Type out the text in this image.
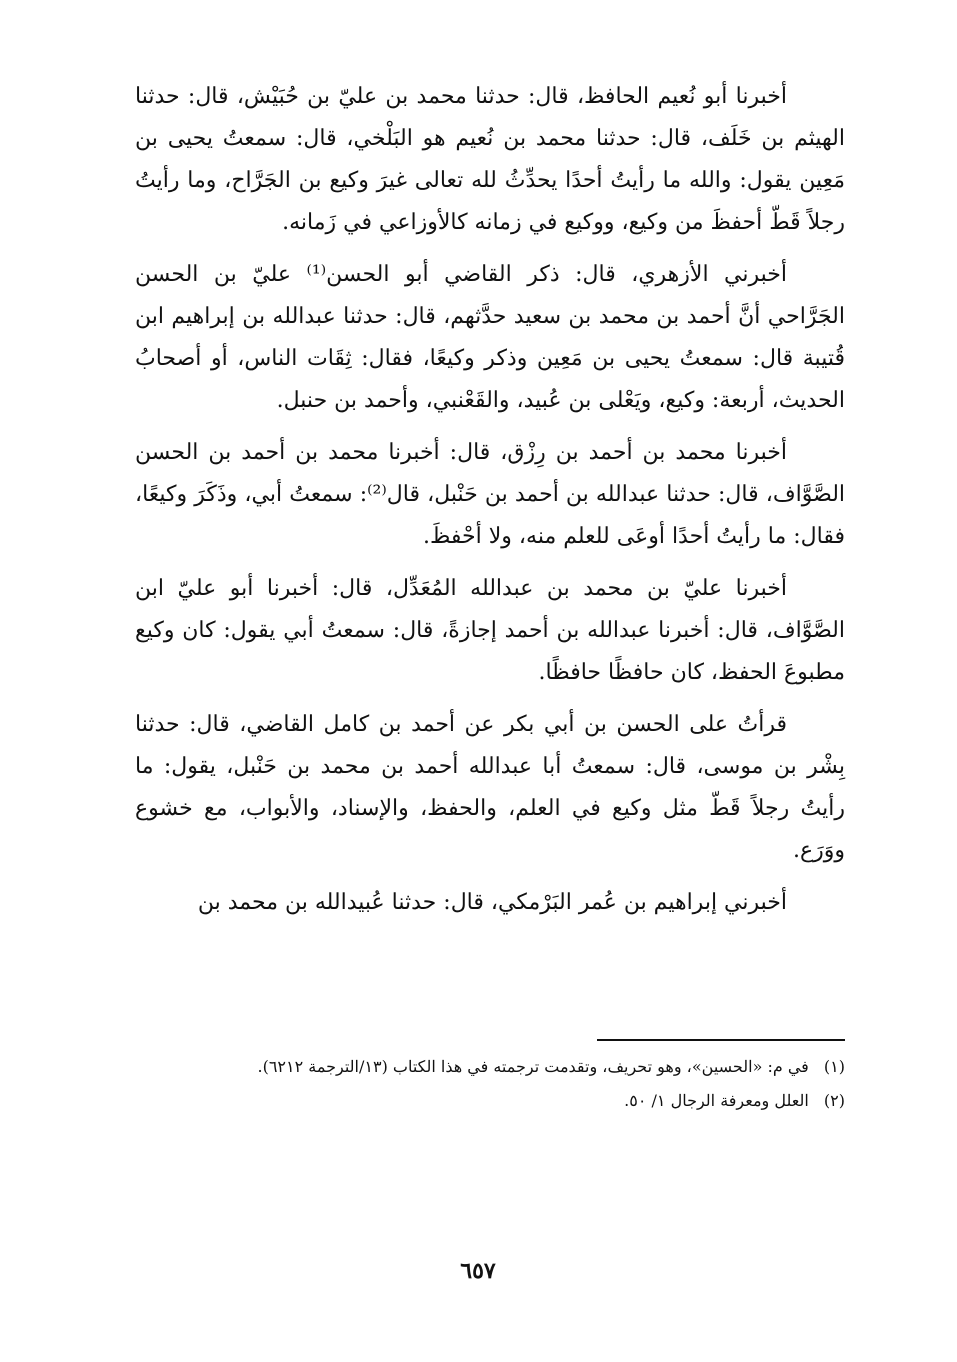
أخبرنا أبو نُعيم الحافظ، قال: حدثنا محمد بن عليّ بن حُبَيْش، قال: حدثنا الهيثم بن خَلَف، قال: حدثنا محمد بن نُعيم هو البَلْخي، قال: سمعتُ يحيى بن مَعِين يقول: والله ما رأيتُ أحدًا يحدِّثُ لله تعالى غيرَ وكيع بن الجَرَّاح، وما رأيتُ رجلاً قَطّ أحفظَ من وكيع، ووكيع في زمانه كالأوزاعي في زَمانه.

أخبرني الأزهري، قال: ذكر القاضي أبو الحسن⁽¹⁾ عليّ بن الحسن الجَرَّاحي أنَّ أحمد بن محمد بن سعيد حدَّثهم، قال: حدثنا عبدالله بن إبراهيم ابن قُتيبة قال: سمعتُ يحيى بن مَعِين وذكر وكيعًا، فقال: ثِقَات الناس، أو أصحابُ الحديث، أربعة: وكيع، ويَعْلى بن عُبيد، والقَعْنبي، وأحمد بن حنبل.

أخبرنا محمد بن أحمد بن رِزْق، قال: أخبرنا محمد بن أحمد بن الحسن الصَّوَّاف، قال: حدثنا عبدالله بن أحمد بن حَنْبل، قال⁽²⁾: سمعتُ أبي، وذَكَرَ وكيعًا، فقال: ما رأيتُ أحدًا أوعَى للعلم منه، ولا أحْفظَ.

أخبرنا عليّ بن محمد بن عبدالله المُعَدِّل، قال: أخبرنا أبو عليّ ابن الصَّوَّاف، قال: أخبرنا عبدالله بن أحمد إجازةً، قال: سمعتُ أبي يقول: كان وكيع مطبوعَ الحفظ، كان حافظًا حافظًا.

قرأتُ على الحسن بن أبي بكر عن أحمد بن كامل القاضي، قال: حدثنا بِشْر بن موسى، قال: سمعتُ أبا عبدالله أحمد بن محمد بن حَنْبل، يقول: ما رأيتُ رجلاً قَطّ مثل وكيع في العلم، والحفظ، والإسناد، والأبواب، مع خشوع ووَرَع.

أخبرني إبراهيم بن عُمر البَرْمكي، قال: حدثنا عُبيدالله بن محمد بن

(١) في م: «الحسين»، وهو تحريف، وتقدمت ترجمته في هذا الكتاب (١٣/الترجمة ٦٢١٢).

(٢) العلل ومعرفة الرجال ١/ ٥٠.

٦٥٧
